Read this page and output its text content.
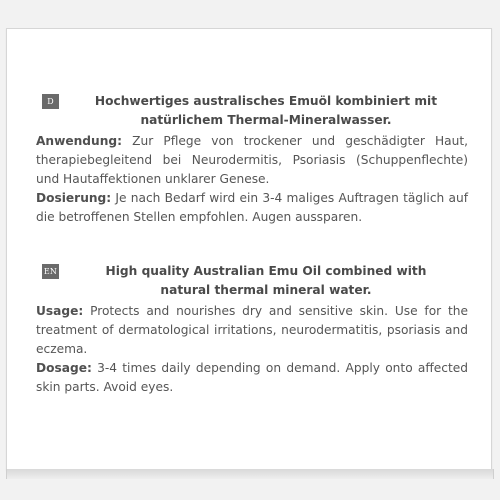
D	Hochwertiges australisches Emuöl kombiniert mit
natürlichem Thermal-Mineralwasser.

Anwendung: Zur Pflege von trockener und geschädigter Haut, therapiebegleitend bei Neurodermitis, Psoriasis (Schuppenflechte) und Hautaffektionen unklarer Genese.

Dosierung: Je nach Bedarf wird ein 3-4 maliges Auftragen täglich auf die betroffenen Stellen empfohlen. Augen aussparen.

EN	High quality Australian Emu Oil combined with
natural thermal mineral water.

Usage: Protects and nourishes dry and sensitive skin. Use for the treatment of dermatological irritations, neurodermatitis, psoriasis and eczema.

Dosage: 3-4 times daily depending on demand. Apply onto affected skin parts. Avoid eyes.
